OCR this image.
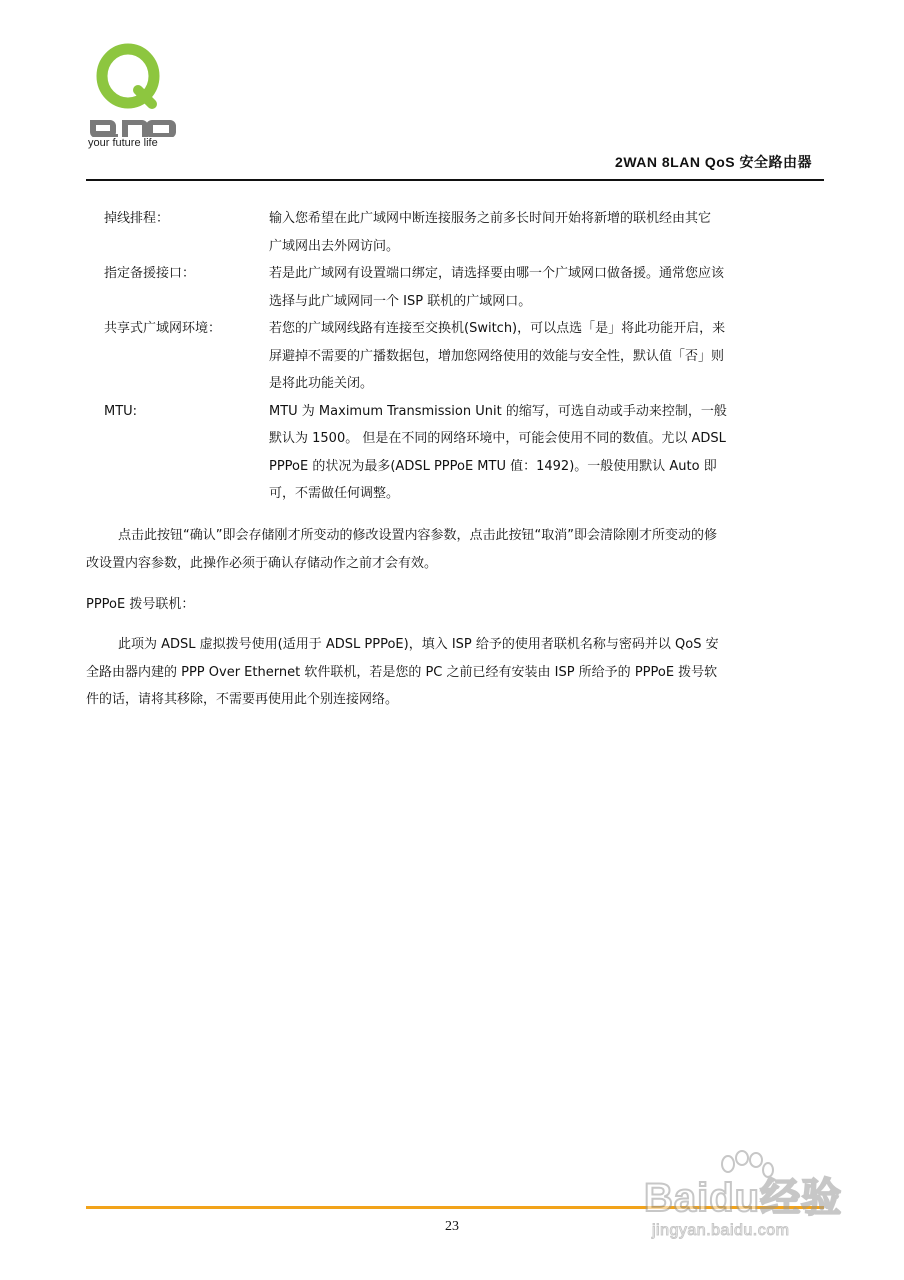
your future life
2WAN 8LAN QoS 安全路由器
掉线排程：	输入您希望在此广域网中断连接服务之前多长时间开始将新增的联机经由其它
广域网出去外网访问。
指定备援接口：	若是此广域网有设置端口绑定，请选择要由哪一个广域网口做备援。通常您应该
选择与此广域网同一个 ISP 联机的广域网口。
共享式广域网环境：	若您的广域网线路有连接至交换机(Switch)，可以点选「是」将此功能开启，来
屏避掉不需要的广播数据包，增加您网络使用的效能与安全性，默认值「否」则
是将此功能关闭。
MTU:	MTU 为 Maximum Transmission Unit 的缩写，可选自动或手动来控制，一般
默认为 1500。 但是在不同的网络环境中，可能会使用不同的数值。尤以 ADSL
PPPoE 的状况为最多(ADSL PPPoE MTU 值：1492)。一般使用默认 Auto 即
可，不需做任何调整。
点击此按钮“确认”即会存储刚才所变动的修改设置内容参数，点击此按钮“取消”即会清除刚才所变动的修
改设置内容参数，此操作必须于确认存储动作之前才会有效。
PPPoE 拨号联机：
此项为 ADSL 虚拟拨号使用(适用于 ADSL PPPoE)，填入 ISP 给予的使用者联机名称与密码并以 QoS 安
全路由器内建的 PPP Over Ethernet 软件联机，若是您的 PC 之前已经有安装由 ISP 所给予的 PPPoE 拨号软
件的话，请将其移除，不需要再使用此个别连接网络。
23
Baidu经验
jingyan.baidu.com
